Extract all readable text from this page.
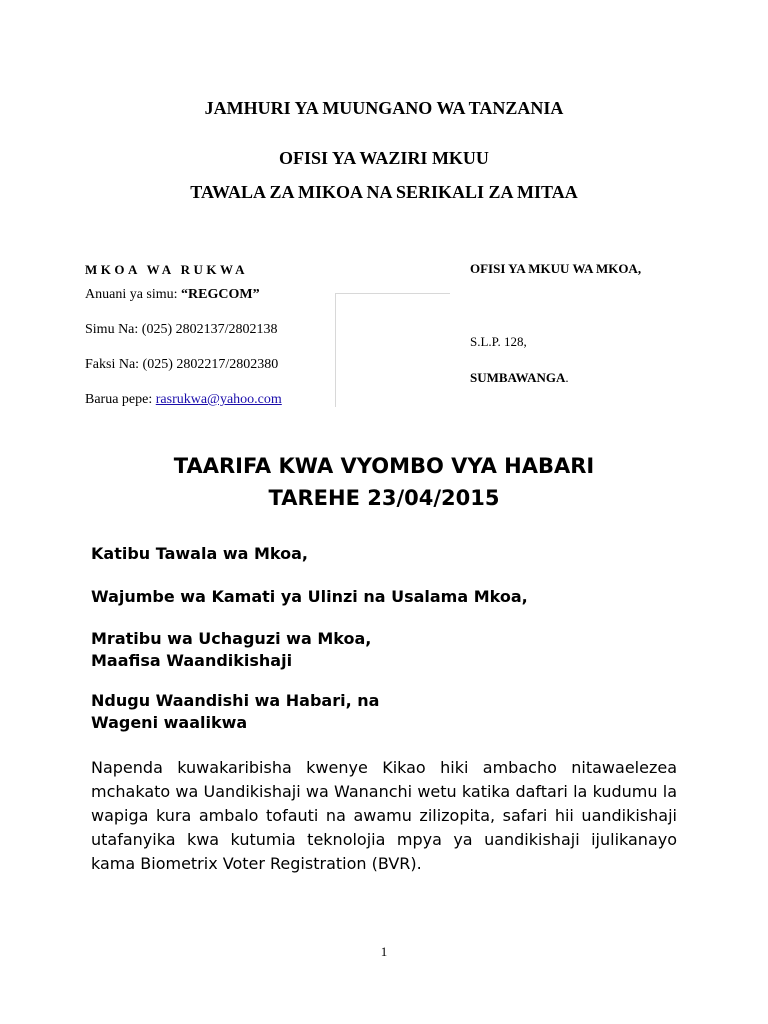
JAMHURI YA MUUNGANO WA TANZANIA
OFISI YA WAZIRI MKUU
TAWALA ZA MIKOA NA SERIKALI ZA MITAA
MKOA WA RUKWA
Anuani ya simu: “REGCOM”
Simu Na: (025) 2802137/2802138
Faksi Na: (025) 2802217/2802380
Barua pepe: rasrukwa@yahoo.com
OFISI YA MKUU WA MKOA,
S.L.P. 128,
SUMBAWANGA.
TAARIFA KWA VYOMBO VYA HABARI
TAREHE 23/04/2015
Katibu Tawala wa Mkoa,
Wajumbe wa Kamati ya Ulinzi na Usalama Mkoa,
Mratibu wa Uchaguzi wa Mkoa,
Maafisa Waandikishaji
Ndugu Waandishi wa Habari, na
Wageni waalikwa

Napenda kuwakaribisha kwenye Kikao hiki ambacho nitawaelezea mchakato wa Uandikishaji wa Wananchi wetu katika daftari la kudumu la wapiga kura ambalo tofauti na awamu zilizopita, safari hii uandikishaji utafanyika kwa kutumia teknolojia mpya ya uandikishaji ijulikanayo kama Biometrix Voter Registration (BVR).

1
